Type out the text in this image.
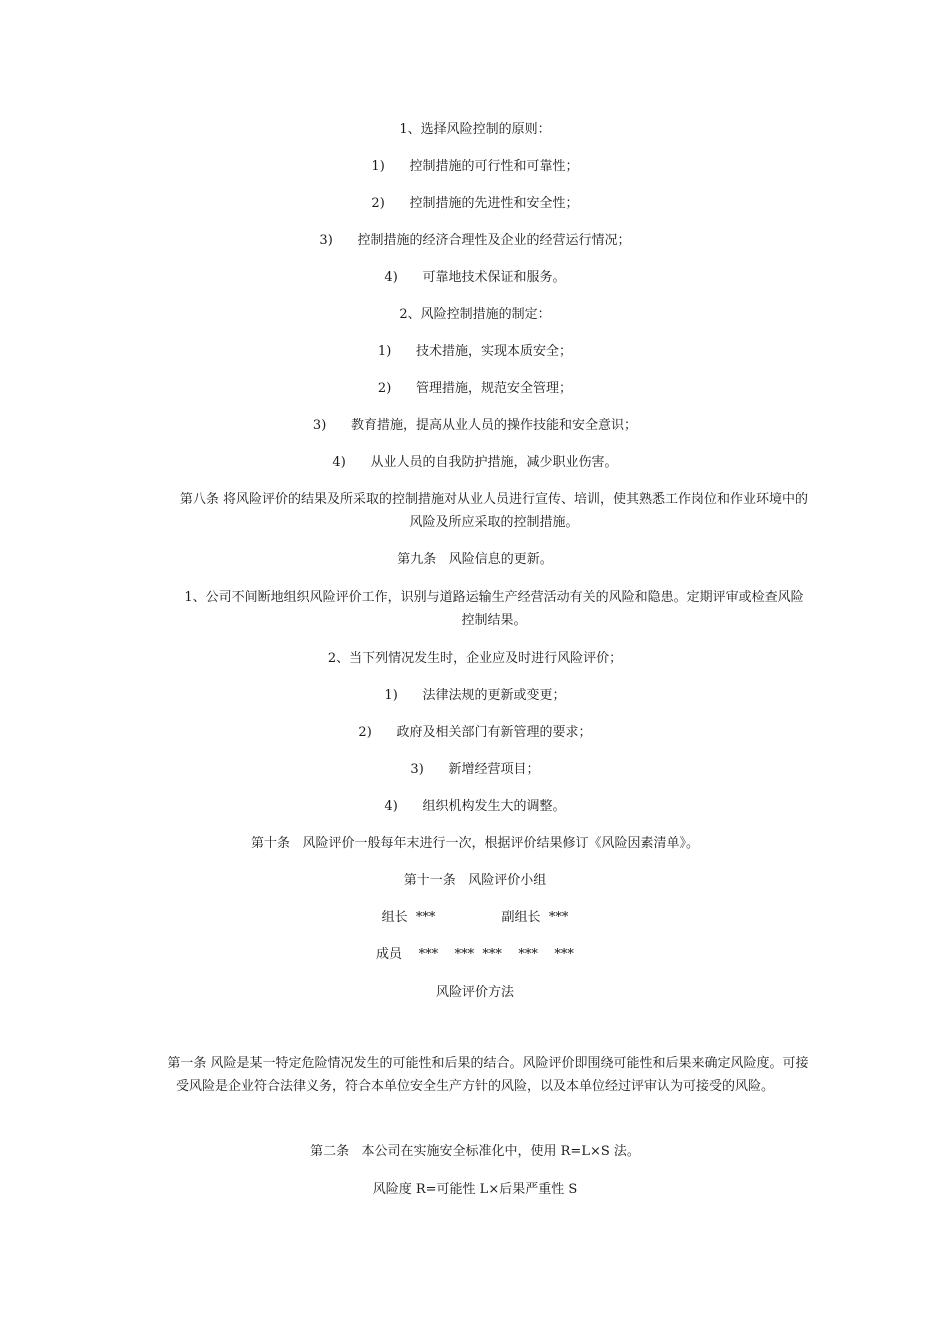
1、选择风险控制的原则：
1)      控制措施的可行性和可靠性；
2)      控制措施的先进性和安全性；
3)      控制措施的经济合理性及企业的经营运行情况；
4)      可靠地技术保证和服务。
2、风险控制措施的制定：
1)      技术措施，实现本质安全；
2)      管理措施，规范安全管理；
3)      教育措施，提高从业人员的操作技能和安全意识；
4)      从业人员的自我防护措施，减少职业伤害。
第八条 将风险评价的结果及所采取的控制措施对从业人员进行宣传、培训，使其熟悉工作岗位和作业环境中的风险及所应采取的控制措施。
第九条   风险信息的更新。
1、公司不间断地组织风险评价工作，识别与道路运输生产经营活动有关的风险和隐患。定期评审或检查风险控制结果。
2、当下列情况发生时，企业应及时进行风险评价；
1)      法律法规的更新或变更；
2)      政府及相关部门有新管理的要求；
3)      新增经营项目；
4)      组织机构发生大的调整。
第十条   风险评价一般每年末进行一次，根据评价结果修订《风险因素清单》。
第十一条   风险评价小组
组长  ***                副组长  ***
成员    ***    ***  ***    ***    ***
风险评价方法
第一条 风险是某一特定危险情况发生的可能性和后果的结合。风险评价即围绕可能性和后果来确定风险度。可接受风险是企业符合法律义务，符合本单位安全生产方针的风险，以及本单位经过评审认为可接受的风险。
第二条   本公司在实施安全标准化中，使用 R=L×S 法。
风险度 R=可能性 L×后果严重性 S
